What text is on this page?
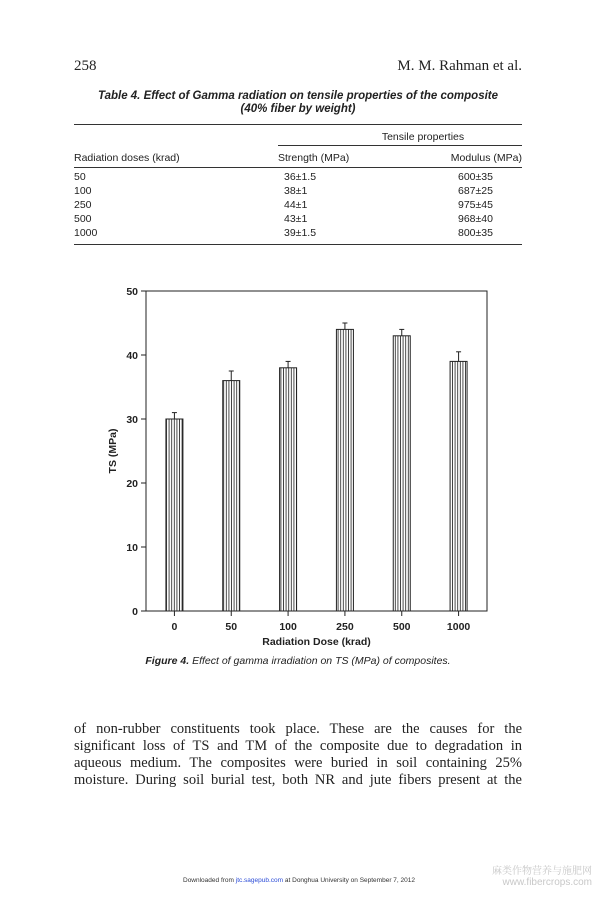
258	M. M. Rahman et al.
Table 4. Effect of Gamma radiation on tensile properties of the composite
(40% fiber by weight)
Tensile properties
Radiation doses (krad)	Strength (MPa)	Modulus (MPa)
50	36±1.5	600±35
100	38±1	687±25
250	44±1	975±45
500	43±1	968±40
1000	39±1.5	800±35
0
10
20
30
40
50
0	50	100	250	500	1000
Radiation Dose (krad)
TS (MPa)
Figure 4. Effect of gamma irradiation on TS (MPa) of composites.
of non-rubber constituents took place. These are the causes for the
significant loss of TS and TM of the composite due to degradation in
aqueous medium. The composites were buried in soil containing 25%
moisture. During soil burial test, both NR and jute fibers present at the
Downloaded from jtc.sagepub.com at Donghua University on September 7, 2012
麻类作物营养与施肥网
www.fibercrops.com
